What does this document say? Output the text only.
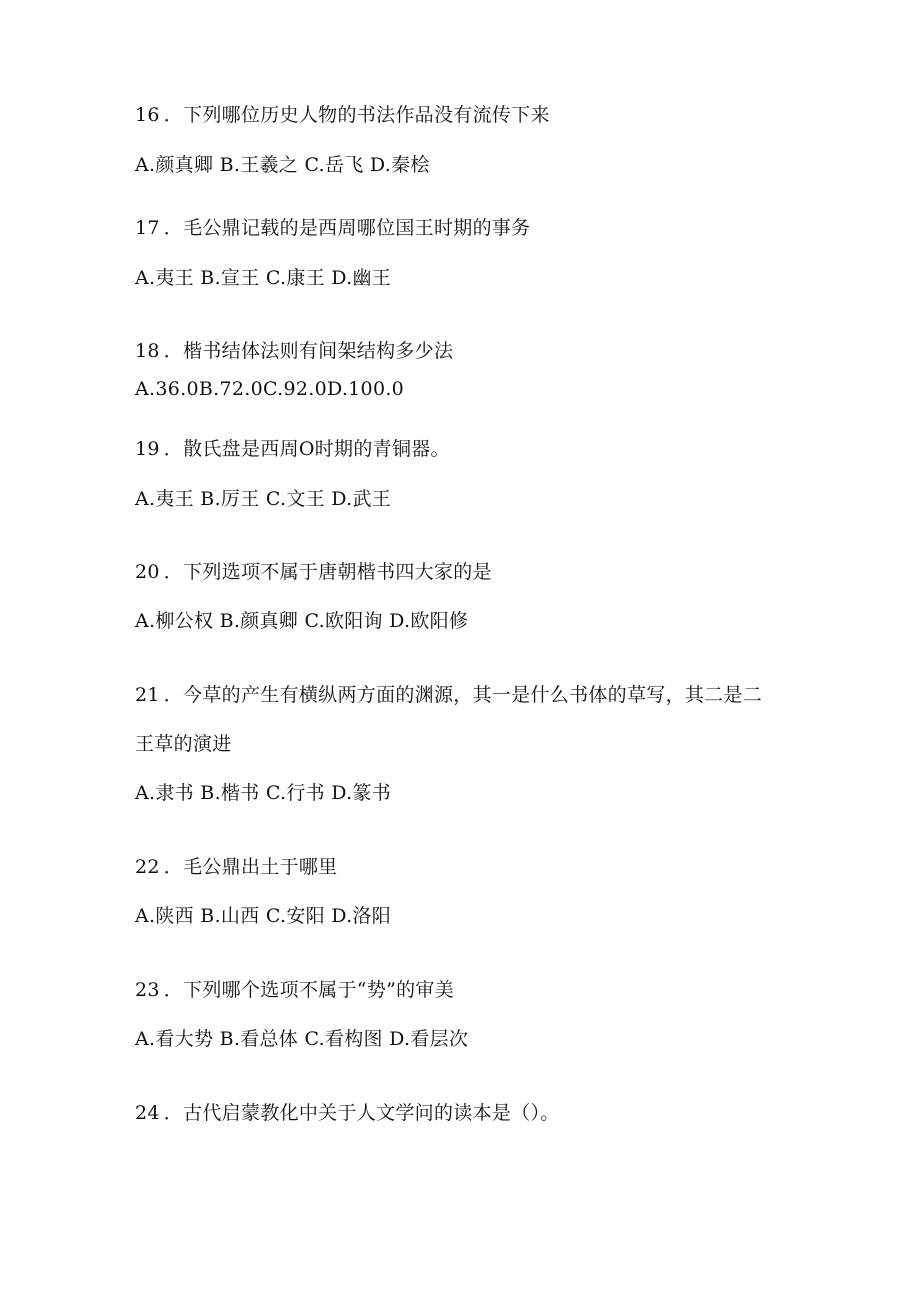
16 ．下列哪位历史人物的书法作品没有流传下来
A.颜真卿 B.王羲之 C.岳飞 D.秦桧
17 ．毛公鼎记载的是西周哪位国王时期的事务
A.夷王 B.宣王 C.康王 D.幽王
18 ．楷书结体法则有间架结构多少法
A.36.0B.72.0C.92.0D.100.0
19 ．散氏盘是西周O时期的青铜器。
A.夷王 B.厉王 C.文王 D.武王
20 ．下列选项不属于唐朝楷书四大家的是
A.柳公权 B.颜真卿 C.欧阳询 D.欧阳修
21 ．今草的产生有横纵两方面的渊源，其一是什么书体的草写，其二是二
王草的演进
A.隶书 B.楷书 C.行书 D.篆书
22 ．毛公鼎出土于哪里
A.陕西 B.山西 C.安阳 D.洛阳
23 ．下列哪个选项不属于“势”的审美
A.看大势 B.看总体 C.看构图 D.看层次
24 ．古代启蒙教化中关于人文学问的读本是（）。
